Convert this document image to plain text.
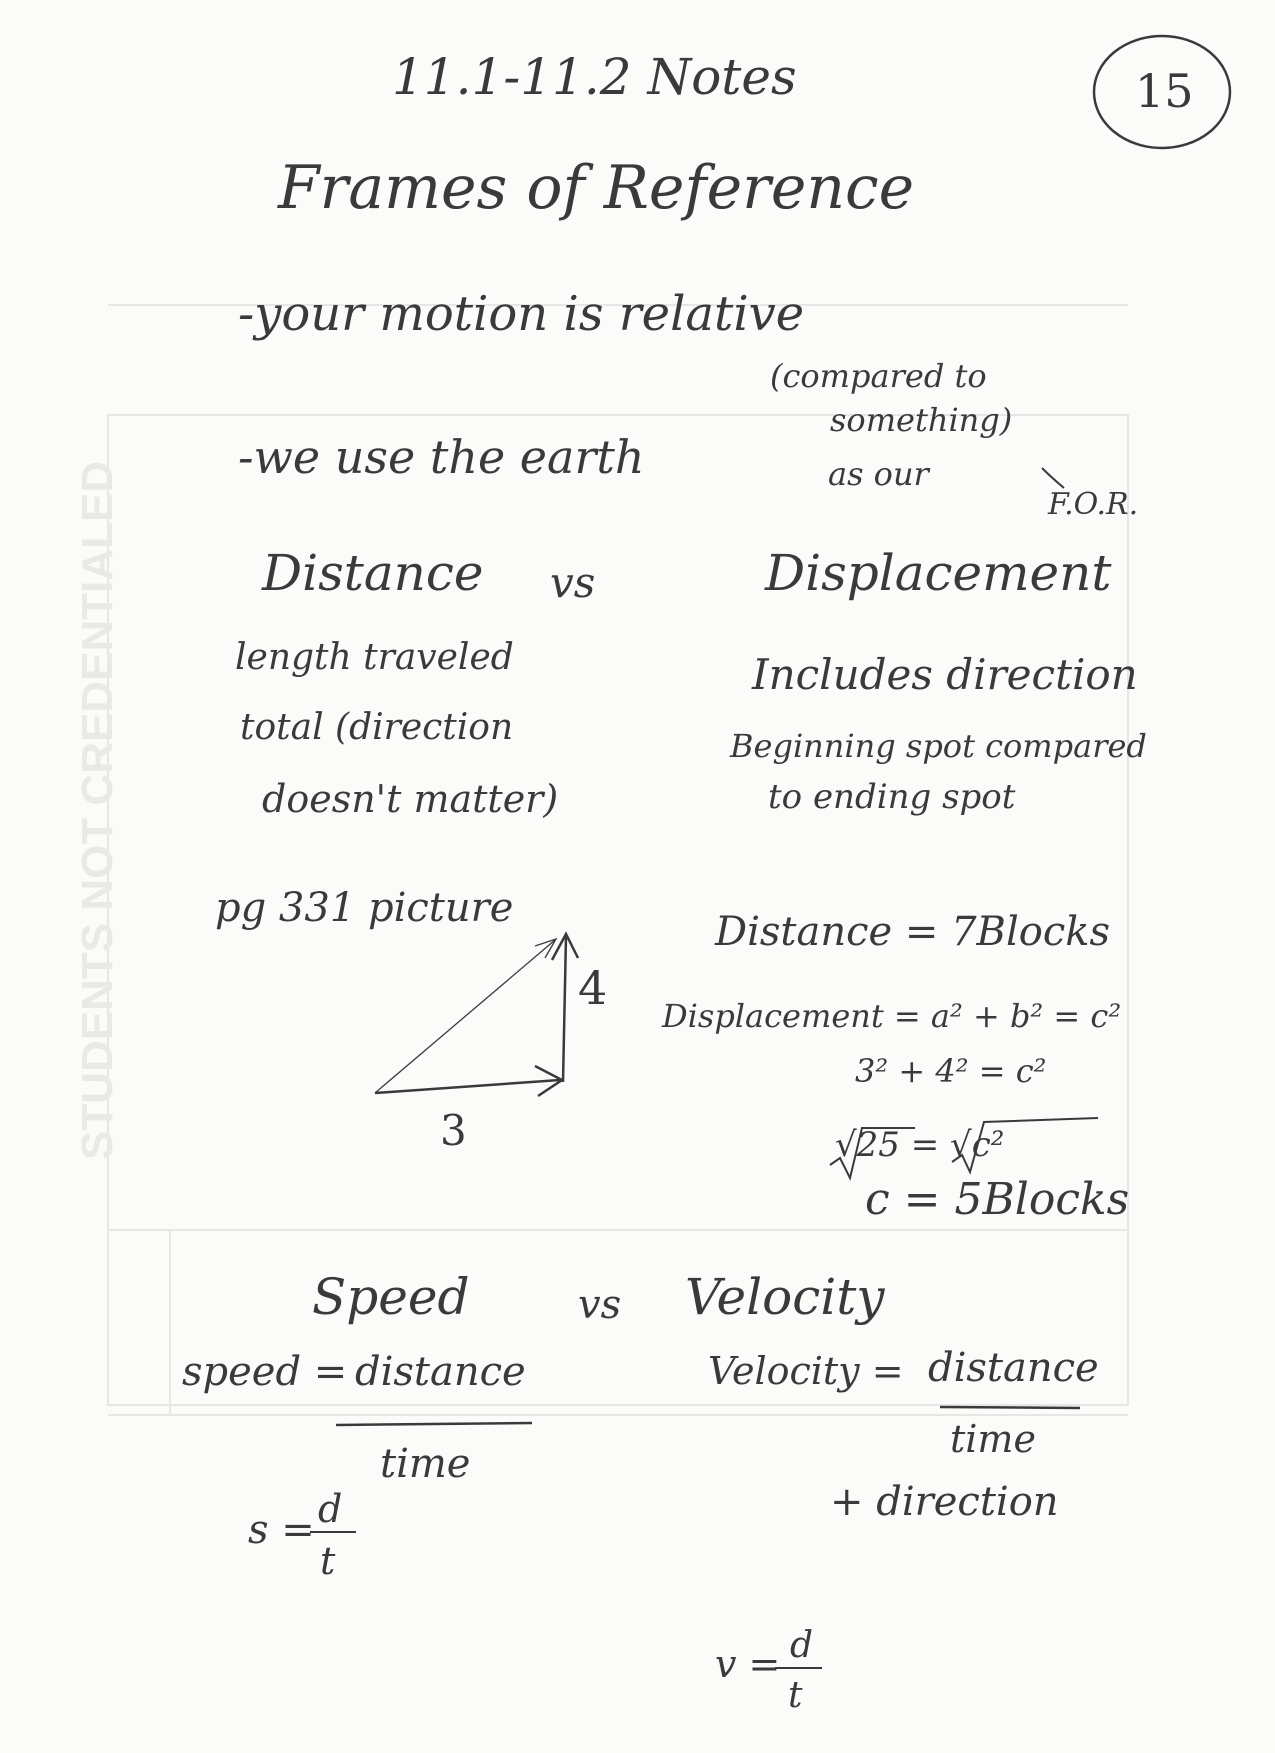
STUDENTS NOT CREDENTIALED
11.1-11.2 Notes	15
Frames of Reference
-your motion is relative
(compared to
something)
-we use the earth	as our
F.O.R.
Distance vs	Displacement
length traveled
total (direction
doesn't matter)
Includes direction
Beginning spot compared
to ending spot
pg 331 picture
4
3
Distance = 7Blocks
Displacement = a² + b² = c²
3² + 4² = c²
√25 = √c²
c = 5Blocks
Speed	vs Velocity
speed = distance
time
s = d
t
Velocity = distance
time
+ direction
v = d
t
